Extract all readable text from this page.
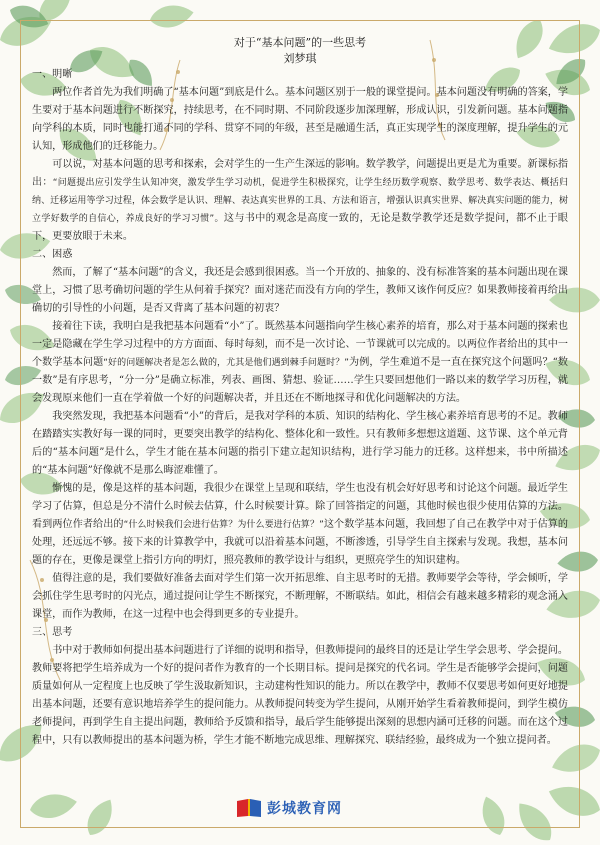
对于“基本问题”的一些思考

刘梦琪

一、明晰

两位作者首先为我们明确了“基本问题”到底是什么。基本问题区别于一般的课堂提问。基本问题没有明确的答案，学生要对于基本问题进行不断探究，持续思考，在不同时期、不同阶段逐步加深理解，形成认识，引发新问题。基本问题指向学科的本质，同时也能打通不同的学科、贯穿不同的年级，甚至是融通生活，真正实现学生的深度理解，提升学生的元认知，形成他们的迁移能力。

可以说，对基本问题的思考和探索，会对学生的一生产生深远的影响。数学教学，问题提出更是尤为重要。新课标指出：“问题提出应引发学生认知冲突，激发学生学习动机，促进学生积极探究，让学生经历数学观察、数学思考、数学表达、概括归纳、迁移运用等学习过程，体会数学是认识、理解、表达真实世界的工具、方法和语言，增强认识真实世界、解决真实问题的能力，树立学好数学的自信心，养成良好的学习习惯”。这与书中的观念是高度一致的，无论是数学教学还是数学提问，都不止于眼下，更要放眼于未来。

二、困惑

然而，了解了“基本问题”的含义，我还是会感到很困惑。当一个开放的、抽象的、没有标准答案的基本问题出现在课堂上，习惯了思考确切问题的学生从何着手探究？面对迷茫而没有方向的学生，教师又该作何反应？如果教师接着再给出确切的引导性的小问题，是否又背离了基本问题的初衷？

接着往下读，我明白是我把基本问题看“小”了。既然基本问题指向学生核心素养的培育，那么对于基本问题的探索也一定是隐藏在学生学习过程中的方方面面、每时每刻，而不是一次讨论、一节课就可以完成的。以两位作者给出的其中一个数学基本问题“好的问题解决者是怎么做的，尤其是他们遇到棘手问题时？”为例，学生难道不是一直在探究这个问题吗？“数一数”是有序思考，“分一分”是确立标准，列表、画图、猜想、验证……学生只要回想他们一路以来的数学学习历程，就会发现原来他们一直在学着做一个好的问题解决者，并且还在不断地探寻和优化问题解决的方法。

我突然发现，我把基本问题看“小”的背后，是我对学科的本质、知识的结构化、学生核心素养培育思考的不足。教师在踏踏实实教好每一课的同时，更要突出教学的结构化、整体化和一致性。只有教师多想想这道题、这节课、这个单元背后的“基本问题”是什么，学生才能在基本问题的指引下建立起知识结构，进行学习能力的迁移。这样想来，书中所描述的“基本问题”好像就不是那么晦涩难懂了。

惭愧的是，像是这样的基本问题，我很少在课堂上呈现和联结，学生也没有机会好好思考和讨论这个问题。最近学生学习了估算，但总是分不清什么时候去估算，什么时候要计算。除了回答指定的问题，其他时候也很少使用估算的方法。看到两位作者给出的“什么时候我们会进行估算？为什么要进行估算？”这个数学基本问题，我回想了自己在教学中对于估算的处理，还远远不够。接下来的计算教学中，我就可以沿着基本问题，不断渗透，引导学生自主探索与发现。我想，基本问题的存在，更像是课堂上指引方向的明灯，照亮教师的教学设计与组织，更照亮学生的知识建构。

值得注意的是，我们要做好准备去面对学生们第一次开拓思维、自主思考时的无措。教师要学会等待，学会倾听，学会抓住学生思考时的闪光点，通过提问让学生不断探究，不断理解，不断联结。如此，相信会有越来越多精彩的观念涌入课堂，而作为教师，在这一过程中也会得到更多的专业提升。

三、思考

书中对于教师如何提出基本问题进行了详细的说明和指导，但教师提问的最终目的还是让学生学会思考、学会提问。教师要将把学生培养成为一个好的提问者作为教育的一个长期目标。提问是探究的代名词。学生是否能够学会提问，问题质量如何从一定程度上也反映了学生汲取新知识，主动建构性知识的能力。所以在教学中，教师不仅要思考如何更好地提出基本问题，还要有意识地培养学生的提问能力。从教师提问转变为学生提问，从刚开始学生看着教师提问，到学生模仿老师提问，再到学生自主提出问题，教师给予反馈和指导，最后学生能够提出深刻的思想内涵可迁移的问题。而在这个过程中，只有以教师提出的基本问题为桥，学生才能不断地完成思维、理解探究、联结经验，最终成为一个独立提问者。

彭城教育网
